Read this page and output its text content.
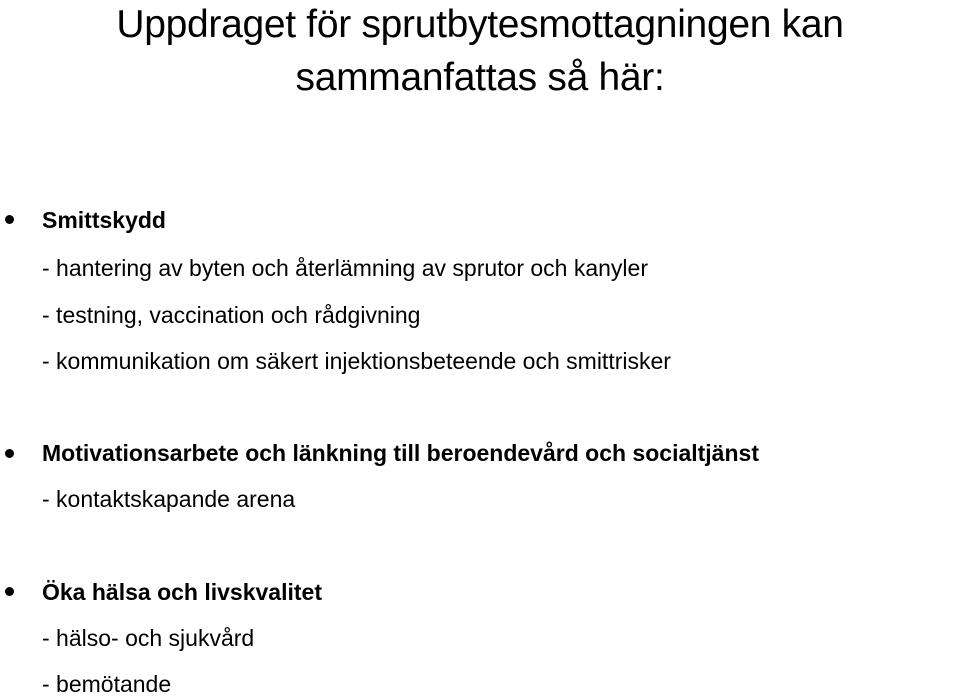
Uppdraget för sprutbytesmottagningen kan
sammanfattas så här:
Smittskydd
- hantering av byten och återlämning av sprutor och kanyler
- testning, vaccination och rådgivning
- kommunikation om säkert injektionsbeteende och smittrisker
Motivationsarbete och länkning till beroendevård och socialtjänst
- kontaktskapande arena
Öka hälsa och livskvalitet
- hälso- och sjukvård
- bemötande
